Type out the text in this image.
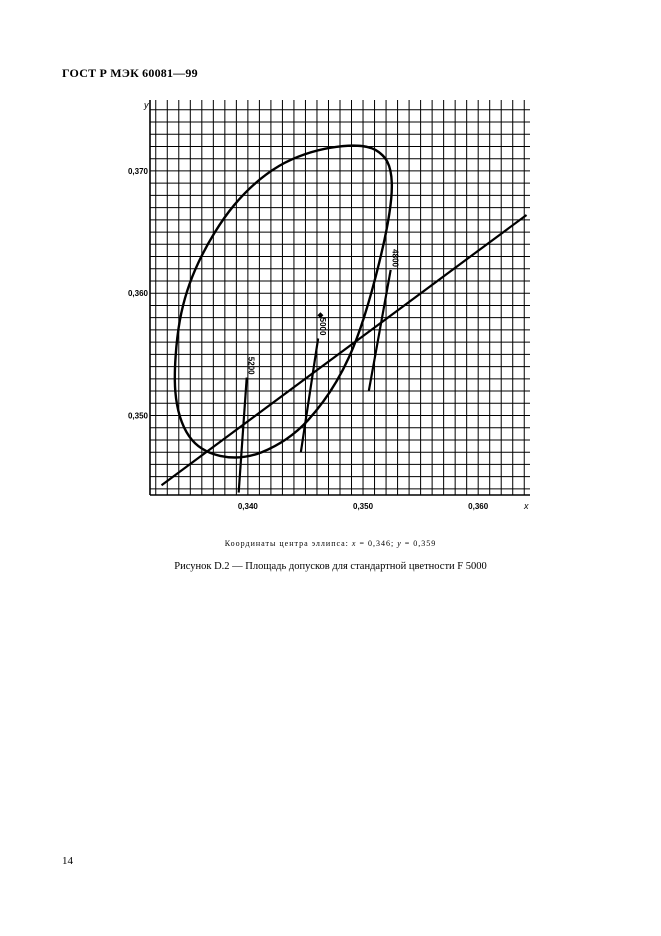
ГОСТ Р МЭК 60081—99
0,340	0,350	0,360
0,350
0,360
0,370
4800
5000
5200
x
y
Координаты центра эллипса: x = 0,346; y = 0,359
Рисунок D.2 — Площадь допусков для стандартной цветности F 5000
14
